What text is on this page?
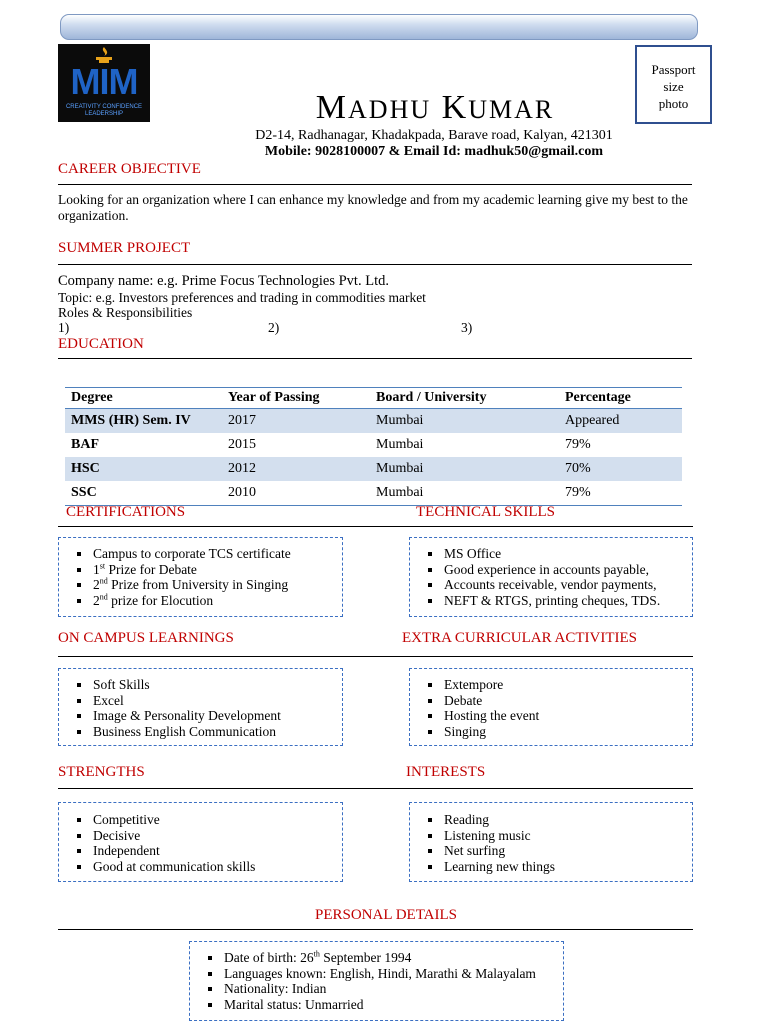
MIM
CREATIVITY CONFIDENCE
LEADERSHIP
Passport
size
photo
MADHU KUMAR
D2-14, Radhanagar, Khadakpada, Barave road, Kalyan, 421301
Mobile: 9028100007 & Email Id: madhuk50@gmail.com
CAREER OBJECTIVE
Looking for an organization where I can enhance my knowledge and from my academic learning give my best to the organization.
SUMMER PROJECT
Company name: e.g. Prime Focus Technologies Pvt. Ltd.
Topic: e.g. Investors preferences and trading in commodities market
Roles & Responsibilities
1)	2)	3)
EDUCATION
Degree	Year of Passing	Board / University	Percentage
MMS (HR) Sem. IV	2017	Mumbai	Appeared
BAF	2015	Mumbai	79%
HSC	2012	Mumbai	70%
SSC	2010	Mumbai	79%
CERTIFICATIONS	TECHNICAL SKILLS
Campus to corporate TCS certificate
1st Prize for Debate
2nd Prize from University in Singing
2nd prize for Elocution
MS Office
Good experience in accounts payable,
Accounts receivable, vendor payments,
NEFT & RTGS, printing cheques, TDS.
ON CAMPUS LEARNINGS	EXTRA CURRICULAR ACTIVITIES
Soft Skills
Excel
Image & Personality Development
Business English Communication
Extempore
Debate
Hosting the event
Singing
STRENGTHS	INTERESTS
Competitive
Decisive
Independent
Good at communication skills
Reading
Listening music
Net surfing
Learning new things
PERSONAL DETAILS
Date of birth: 26th September 1994
Languages known: English, Hindi, Marathi & Malayalam
Nationality: Indian
Marital status: Unmarried
